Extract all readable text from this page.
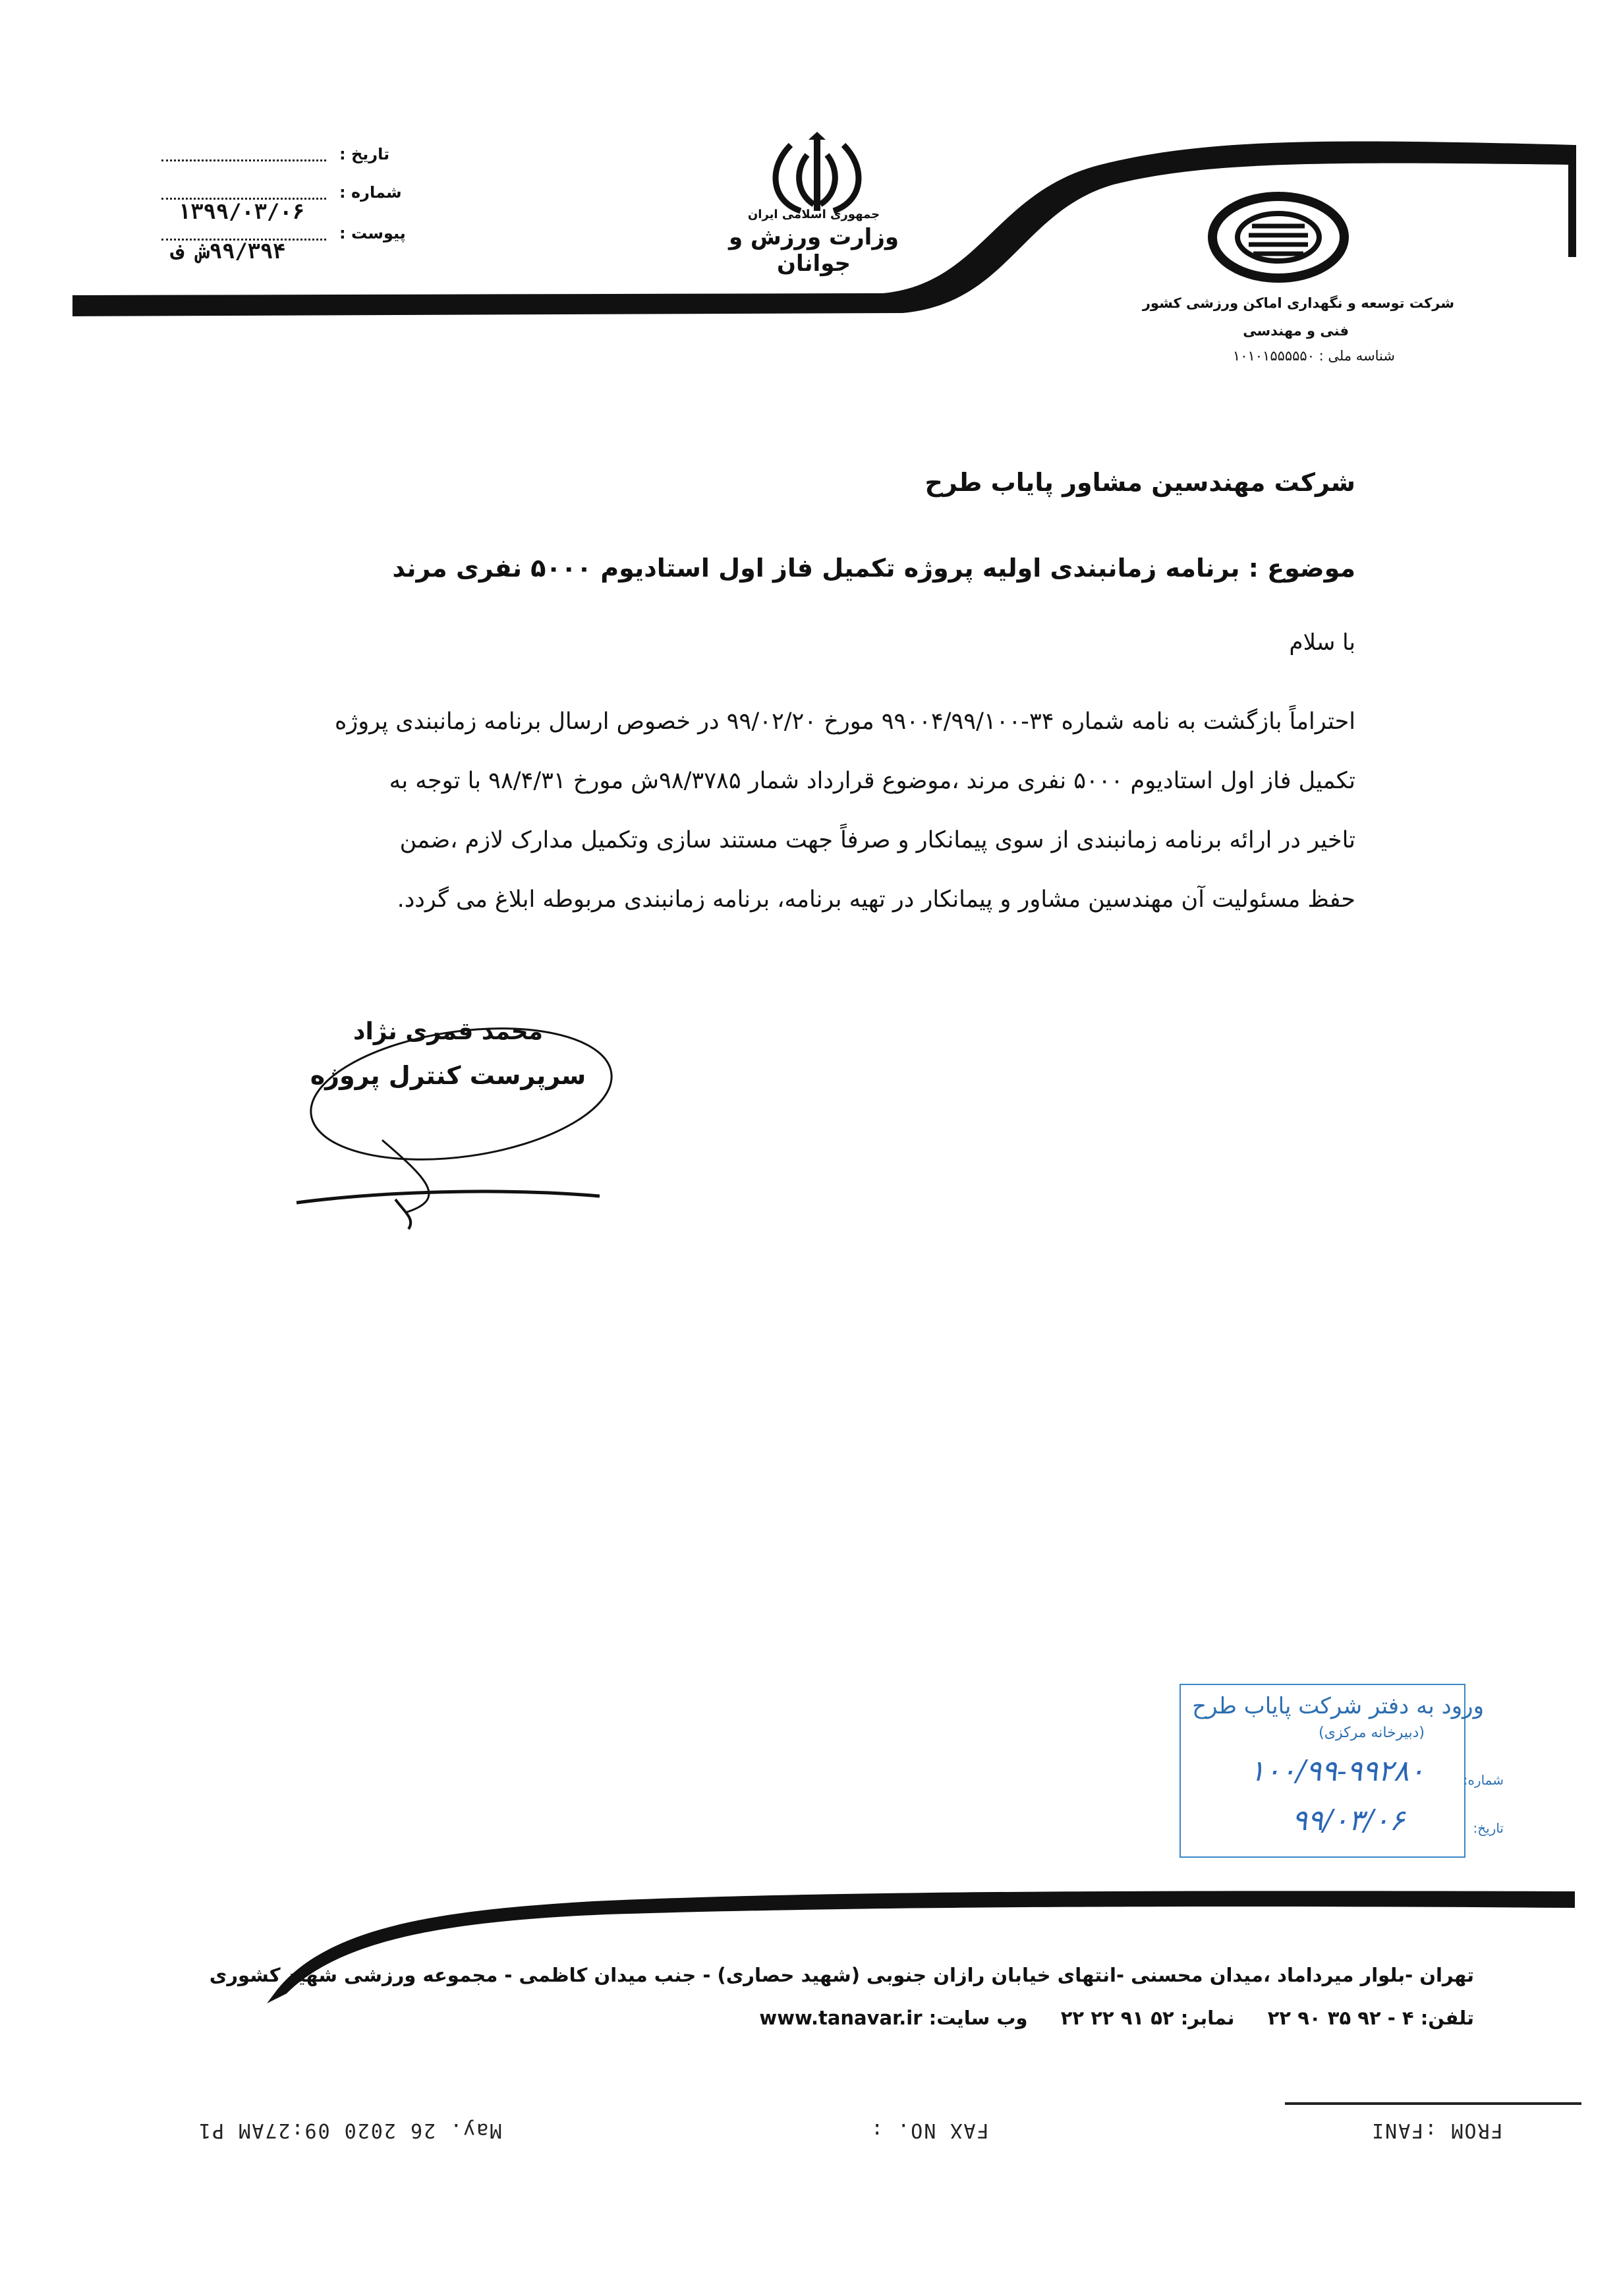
جمهوری اسلامی ایران
وزارت ورزش و جوانان
تاریخ :
شماره :
۱۳۹۹/۰۳/۰۶
پیوست :
۹۹/۳۹۴ش ف
شرکت توسعه و نگهداری اماکن ورزشی کشور
فنی و مهندسی
شناسه ملی : ۱۰۱۰۱۵۵۵۵۵۰
شرکت مهندسین مشاور پایاب طرح
موضوع : برنامه زمانبندی اولیه پروژه تکمیل فاز اول استادیوم ۵۰۰۰ نفری مرند
با سلام
احتراماً بازگشت به نامه شماره ۳۴-۹۹۰۰۴/۹۹/۱۰۰ مورخ ۹۹/۰۲/۲۰ در خصوص ارسال برنامه زمانبندی پروژه
تکمیل فاز اول استادیوم ۵۰۰۰ نفری مرند ،موضوع قرارداد شمار ۹۸/۳۷۸۵ش مورخ ۹۸/۴/۳۱ با توجه به
تاخیر در ارائه برنامه زمانبندی از سوی پیمانکار و صرفاً جهت مستند سازی وتکمیل مدارک لازم ،ضمن
حفظ مسئولیت آن مهندسین مشاور و پیمانکار در تهیه برنامه، برنامه زمانبندی مربوطه ابلاغ می گردد.
محمد قمری نژاد
سرپرست کنترل پروژه
ورود به دفتر شرکت پایاب طرح
(دبیرخانه مرکزی)
شماره:
۱۰۰/۹۹-۹۹۲۸۰
تاریخ:
۹۹/۰۳/۰۶
تهران -بلوار میرداماد ،میدان محسنی -انتهای خیابان رازان جنوبی (شهید حصاری) - جنب میدان کاظمی - مجموعه ورزشی شهید کشوری
تلفن: ۴ - ۹۲ ۳۵ ۹۰ ۲۲  نمابر: ۵۲ ۹۱ ۲۲ ۲۲  وب سایت: www.tanavar.ir
FROM :FANI
FAX NO. :
May. 26 2020 09:27AM P1
